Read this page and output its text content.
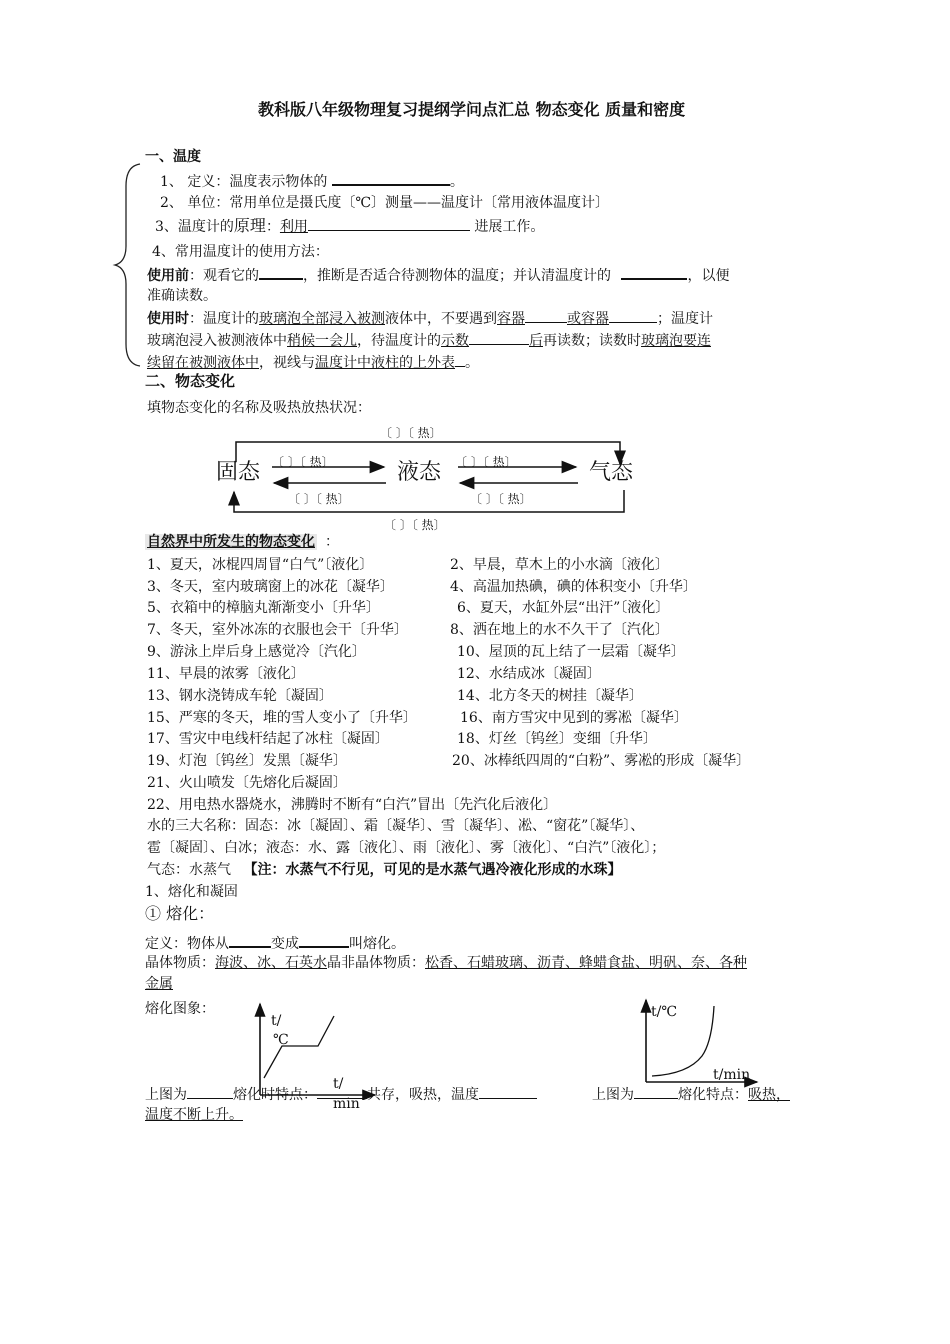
教科版八年级物理复习提纲学问点汇总 物态变化 质量和密度
一、温度
1、 定义：温度表示物体的	。
2、 单位：常用单位是摄氏度〔℃〕测量——温度计〔常用液体温度计〕
3、温度计的原理：利用	进展工作。
4、常用温度计的使用方法：
使用前：观看它的	，推断是否适合待测物体的温度；并认清温度计的	，以便
准确读数。
使用时：温度计的玻璃泡全部浸入被测液体中，不要遇到容器	或容器	；温度计
玻璃泡浸入被测液体中稍候一会儿，待温度计的示数	后再读数；读数时玻璃泡要连
续留在被测液体中，视线与温度计中液柱的上外表 。
二、物态变化
填物态变化的名称及吸热放热状况：
〔 〕〔 热〕
固态 〔 〕〔 热〕	液态 〔 〕〔 热〕	气态
〔 〕〔 热〕	〔 〕〔 热〕
〔 〕〔 热〕
自然界中所发生的物态变化 ：
1、夏天，冰棍四周冒“白气”〔液化〕	2、早晨，草木上的小水滴〔液化〕
3、冬天，室内玻璃窗上的冰花〔凝华〕	4、高温加热碘，碘的体积变小〔升华〕
5、衣箱中的樟脑丸渐渐变小〔升华〕	6、夏天，水缸外层“出汗”〔液化〕
7、冬天，室外冰冻的衣服也会干〔升华〕	8、洒在地上的水不久干了〔汽化〕
9、游泳上岸后身上感觉冷〔汽化〕	10、屋顶的瓦上结了一层霜〔凝华〕
11、早晨的浓雾〔液化〕	12、水结成冰〔凝固〕
13、钢水浇铸成车轮〔凝固〕	14、北方冬天的树挂〔凝华〕
15、严寒的冬天，堆的雪人变小了〔升华〕	16、南方雪灾中见到的雾凇〔凝华〕
17、雪灾中电线杆结起了冰柱〔凝固〕	18、灯丝〔钨丝〕变细〔升华〕
19、灯泡〔钨丝〕发黑〔凝华〕	20、冰棒纸四周的“白粉”、雾凇的形成〔凝华〕
21、火山喷发〔先熔化后凝固〕
22、用电热水器烧水，沸腾时不断有“白汽”冒出〔先汽化后液化〕
水的三大名称：固态：冰〔凝固〕、霜〔凝华〕、雪〔凝华〕、凇、“窗花”〔凝华〕、
雹〔凝固〕、白冰；液态：水、露〔液化〕、雨〔液化〕、雾〔液化〕、“白汽”〔液化〕；
气态：水蒸气 【注：水蒸气不行见，可见的是水蒸气遇冷液化形成的水珠】
1、熔化和凝固
① 熔化：
定义：物体从	变成	叫熔化。
晶体物质：海波、冰、石英水晶非晶体物质：松香、石蜡玻璃、沥青、蜂蜡食盐、明矾、奈、各种
金属
熔化图象：
t/
℃
t/
min
t/℃
t/min
上图为	熔化时特点：	共存，吸热，温度	上图为	熔化特点：吸热，
温度不断上升。
